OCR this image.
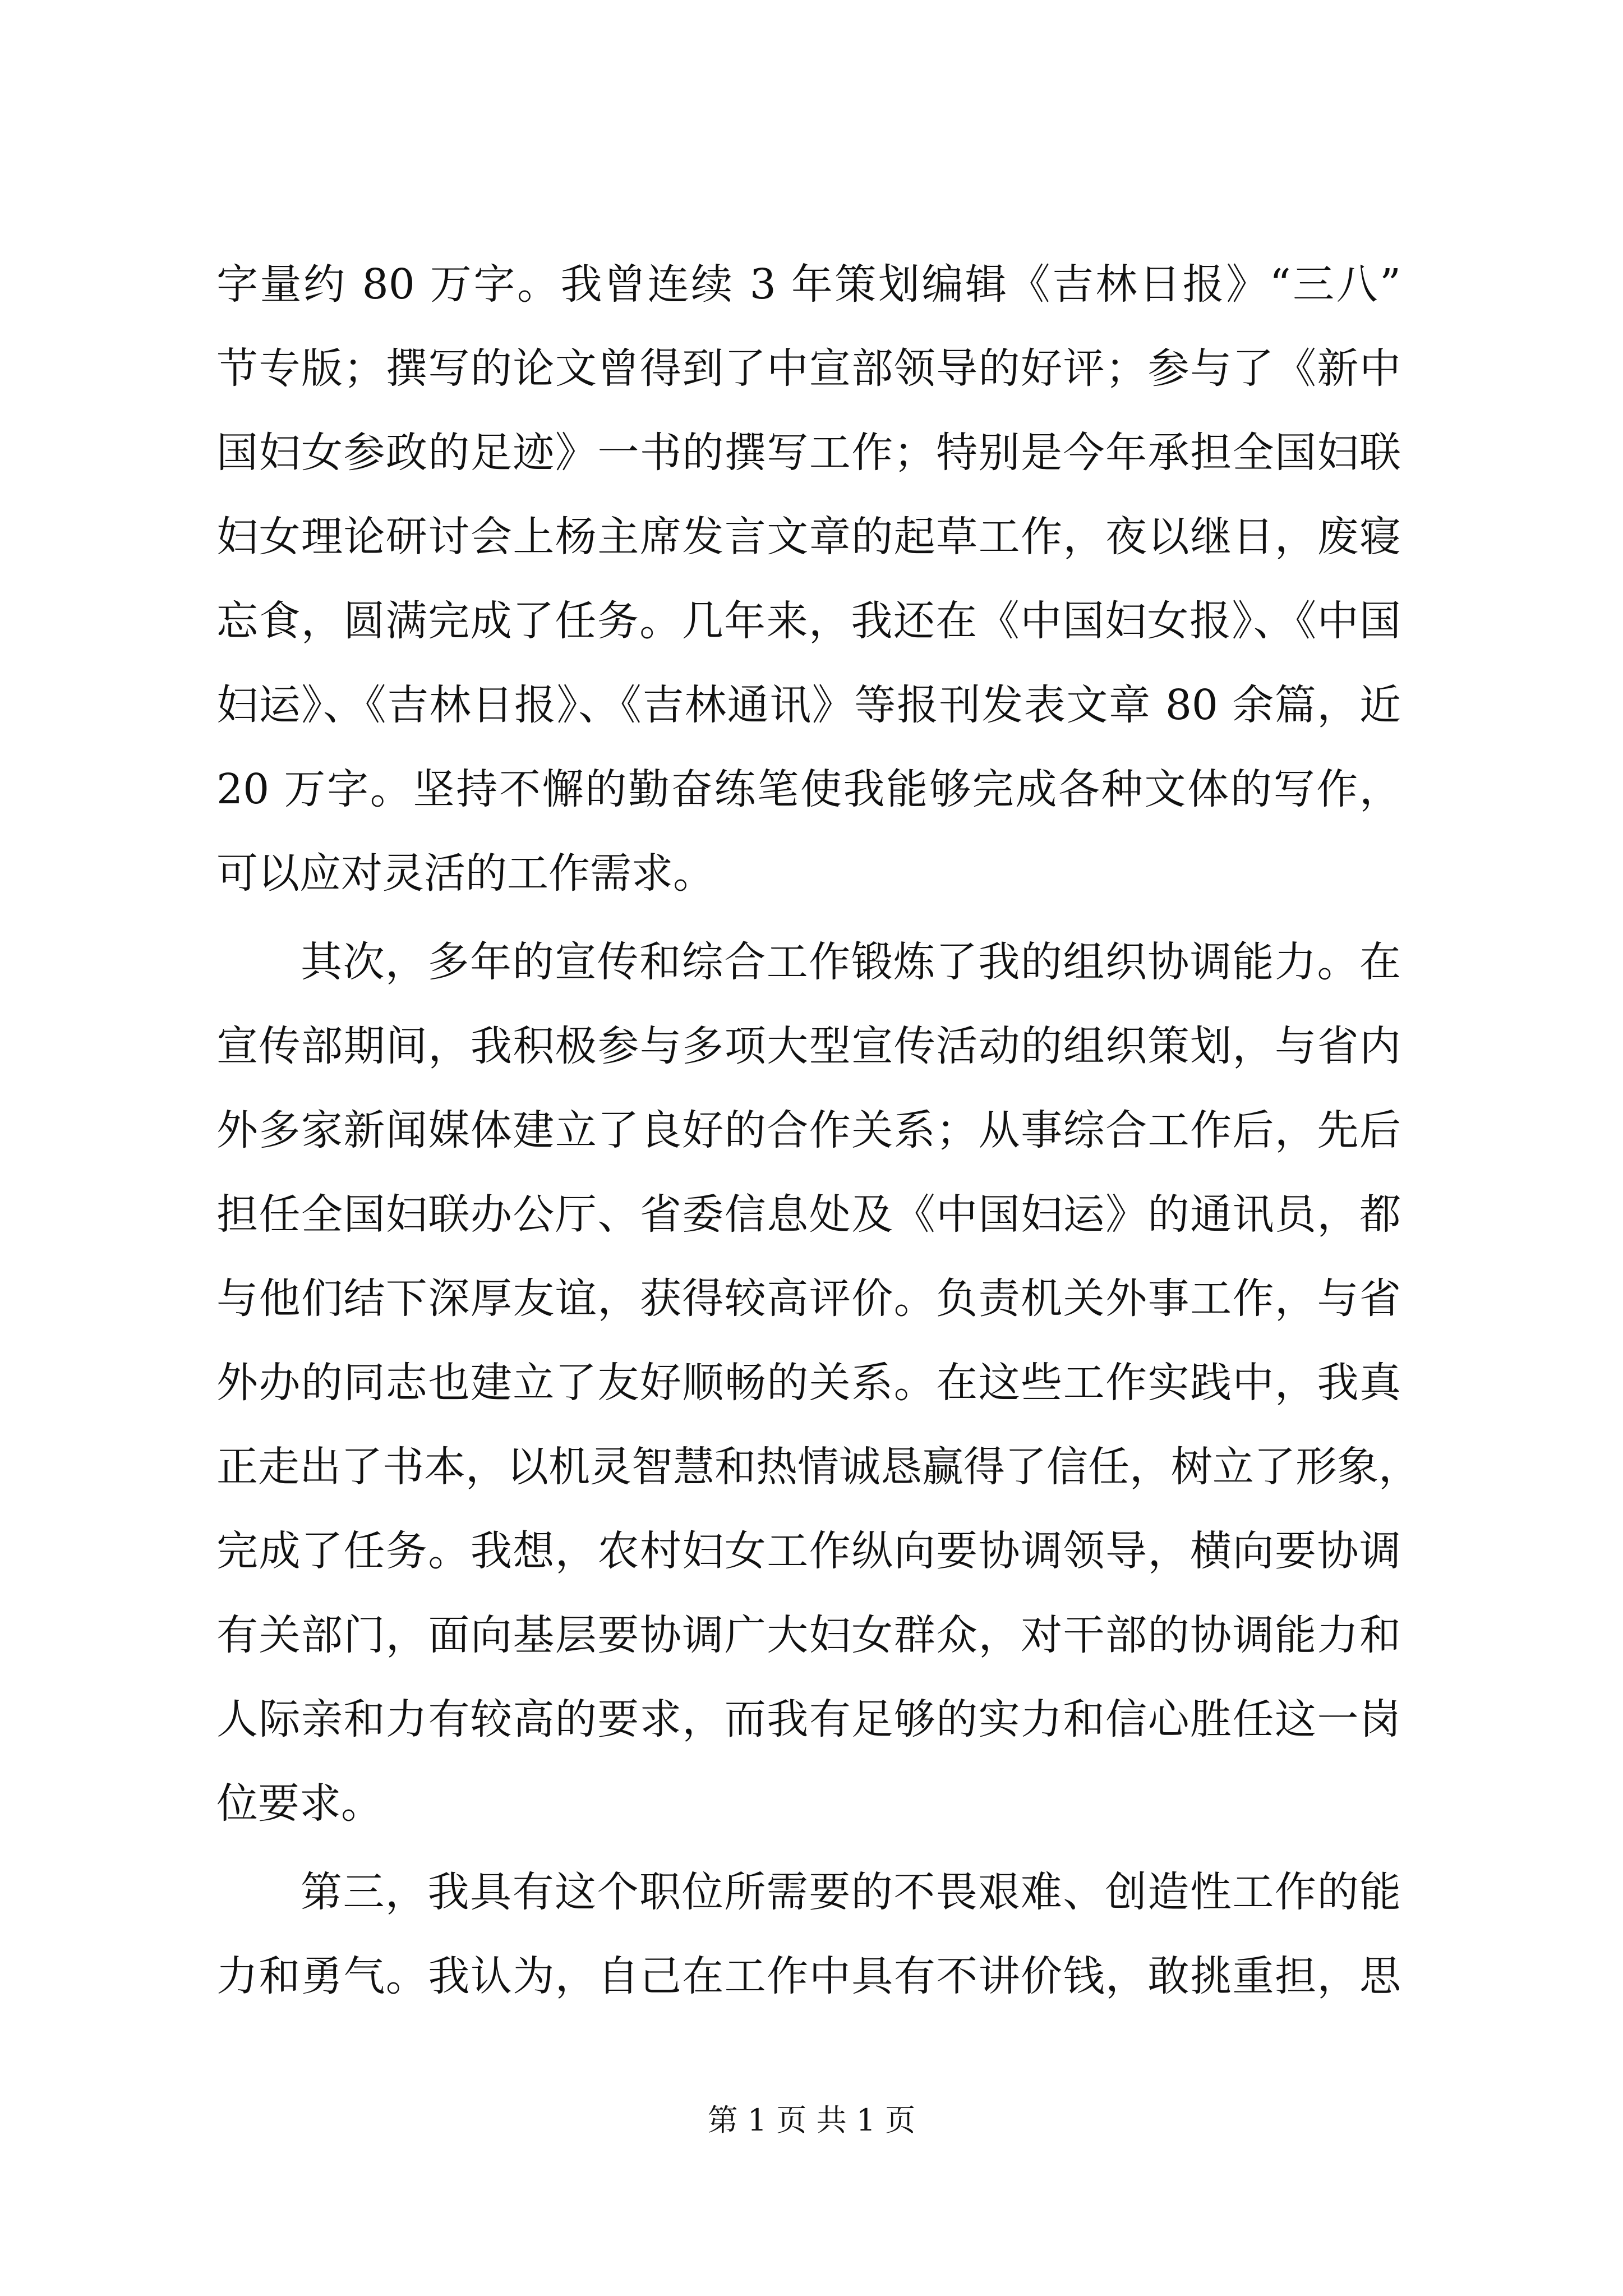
字量约 80 万字。我曾连续 3 年策划编辑《吉林日报》“三八”
节专版；撰写的论文曾得到了中宣部领导的好评；参与了《新中
国妇女参政的足迹》一书的撰写工作；特别是今年承担全国妇联
妇女理论研讨会上杨主席发言文章的起草工作，夜以继日，废寝
忘食，圆满完成了任务。几年来，我还在《中国妇女报》、《中国
妇运》、《吉林日报》、《吉林通讯》等报刊发表文章 80 余篇，近
20 万字。坚持不懈的勤奋练笔使我能够完成各种文体的写作，
可以应对灵活的工作需求。
其次，多年的宣传和综合工作锻炼了我的组织协调能力。在
宣传部期间，我积极参与多项大型宣传活动的组织策划，与省内
外多家新闻媒体建立了良好的合作关系；从事综合工作后，先后
担任全国妇联办公厅、省委信息处及《中国妇运》的通讯员，都
与他们结下深厚友谊，获得较高评价。负责机关外事工作，与省
外办的同志也建立了友好顺畅的关系。在这些工作实践中，我真
正走出了书本，以机灵智慧和热情诚恳赢得了信任，树立了形象，
完成了任务。我想，农村妇女工作纵向要协调领导，横向要协调
有关部门，面向基层要协调广大妇女群众，对干部的协调能力和
人际亲和力有较高的要求，而我有足够的实力和信心胜任这一岗
位要求。
第三，我具有这个职位所需要的不畏艰难、创造性工作的能
力和勇气。我认为，自己在工作中具有不讲价钱，敢挑重担，思
第 1 页 共 1 页
